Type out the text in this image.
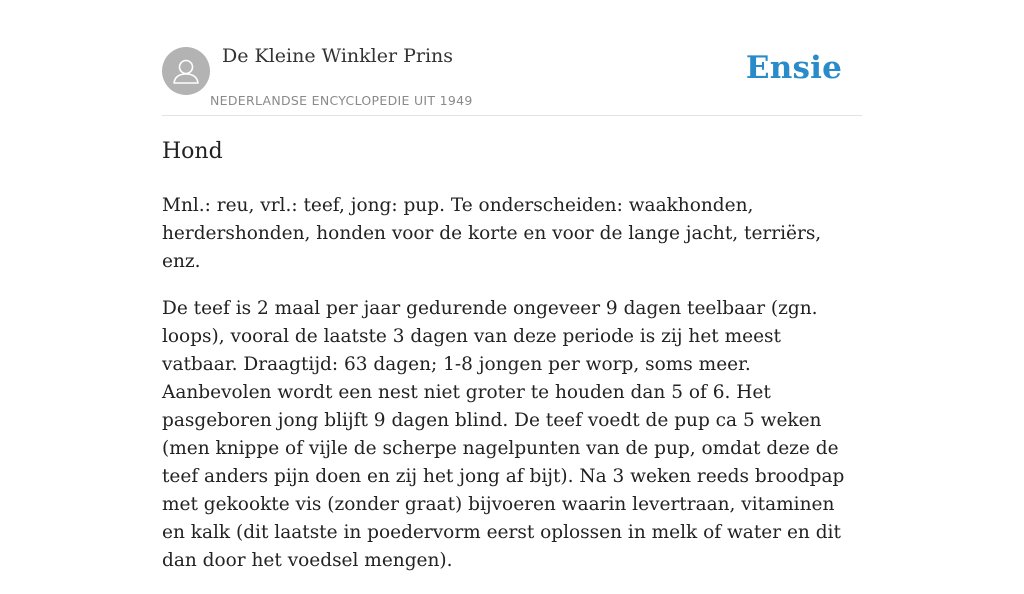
De Kleine Winkler Prins
NEDERLANDSE ENCYCLOPEDIE UIT 1949
Ensie
Hond

Mnl.: reu, vrl.: teef, jong: pup. Te onderscheiden: waakhonden, herdershonden, honden voor de korte en voor de lange jacht, terriërs, enz.

De teef is 2 maal per jaar gedurende ongeveer 9 dagen teelbaar (zgn. loops), vooral de laatste 3 dagen van deze periode is zij het meest vatbaar. Draagtijd: 63 dagen; 1-8 jongen per worp, soms meer. Aanbevolen wordt een nest niet groter te houden dan 5 of 6. Het pasgeboren jong blijft 9 dagen blind. De teef voedt de pup ca 5 weken (men knippe of vijle de scherpe nagelpunten van de pup, omdat deze de teef anders pijn doen en zij het jong af bijt). Na 3 weken reeds broodpap met gekookte vis (zonder graat) bijvoeren waarin levertraan, vitaminen en kalk (dit laatste in poedervorm eerst oplossen in melk of water en dit dan door het voedsel mengen).
